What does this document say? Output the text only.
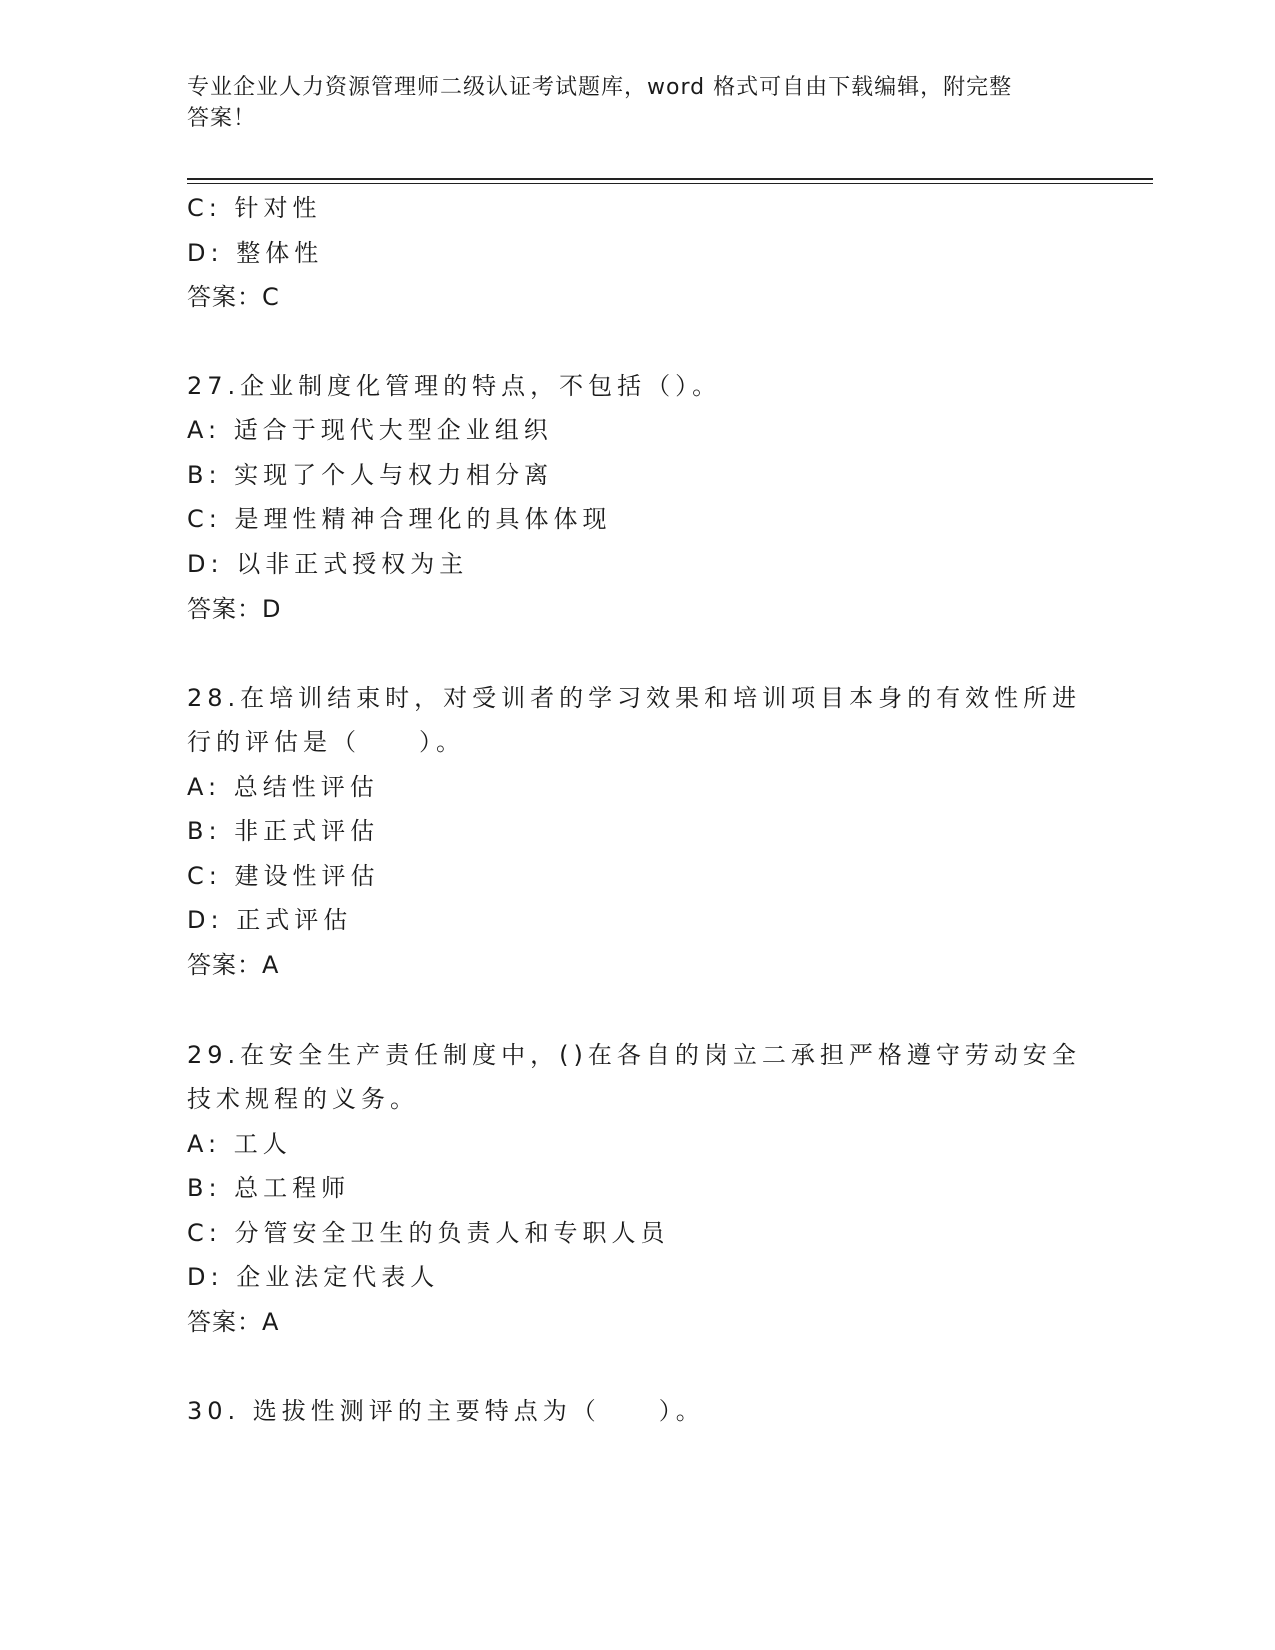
专业企业人力资源管理师二级认证考试题库，word 格式可自由下载编辑，附完整
答案！
C: 针对性
D: 整体性
答案：C
27.企业制度化管理的特点，不包括（）。
A: 适合于现代大型企业组织
B: 实现了个人与权力相分离
C: 是理性精神合理化的具体体现
D: 以非正式授权为主
答案：D
28.在培训结束时，对受训者的学习效果和培训项目本身的有效性所进
行的评估是（　　）。
A: 总结性评估
B: 非正式评估
C: 建设性评估
D: 正式评估
答案：A
29.在安全生产责任制度中，()在各自的岗立二承担严格遵守劳动安全
技术规程的义务。
A: 工人
B: 总工程师
C: 分管安全卫生的负责人和专职人员
D: 企业法定代表人
答案：A
30. 选拔性测评的主要特点为（　　）。
